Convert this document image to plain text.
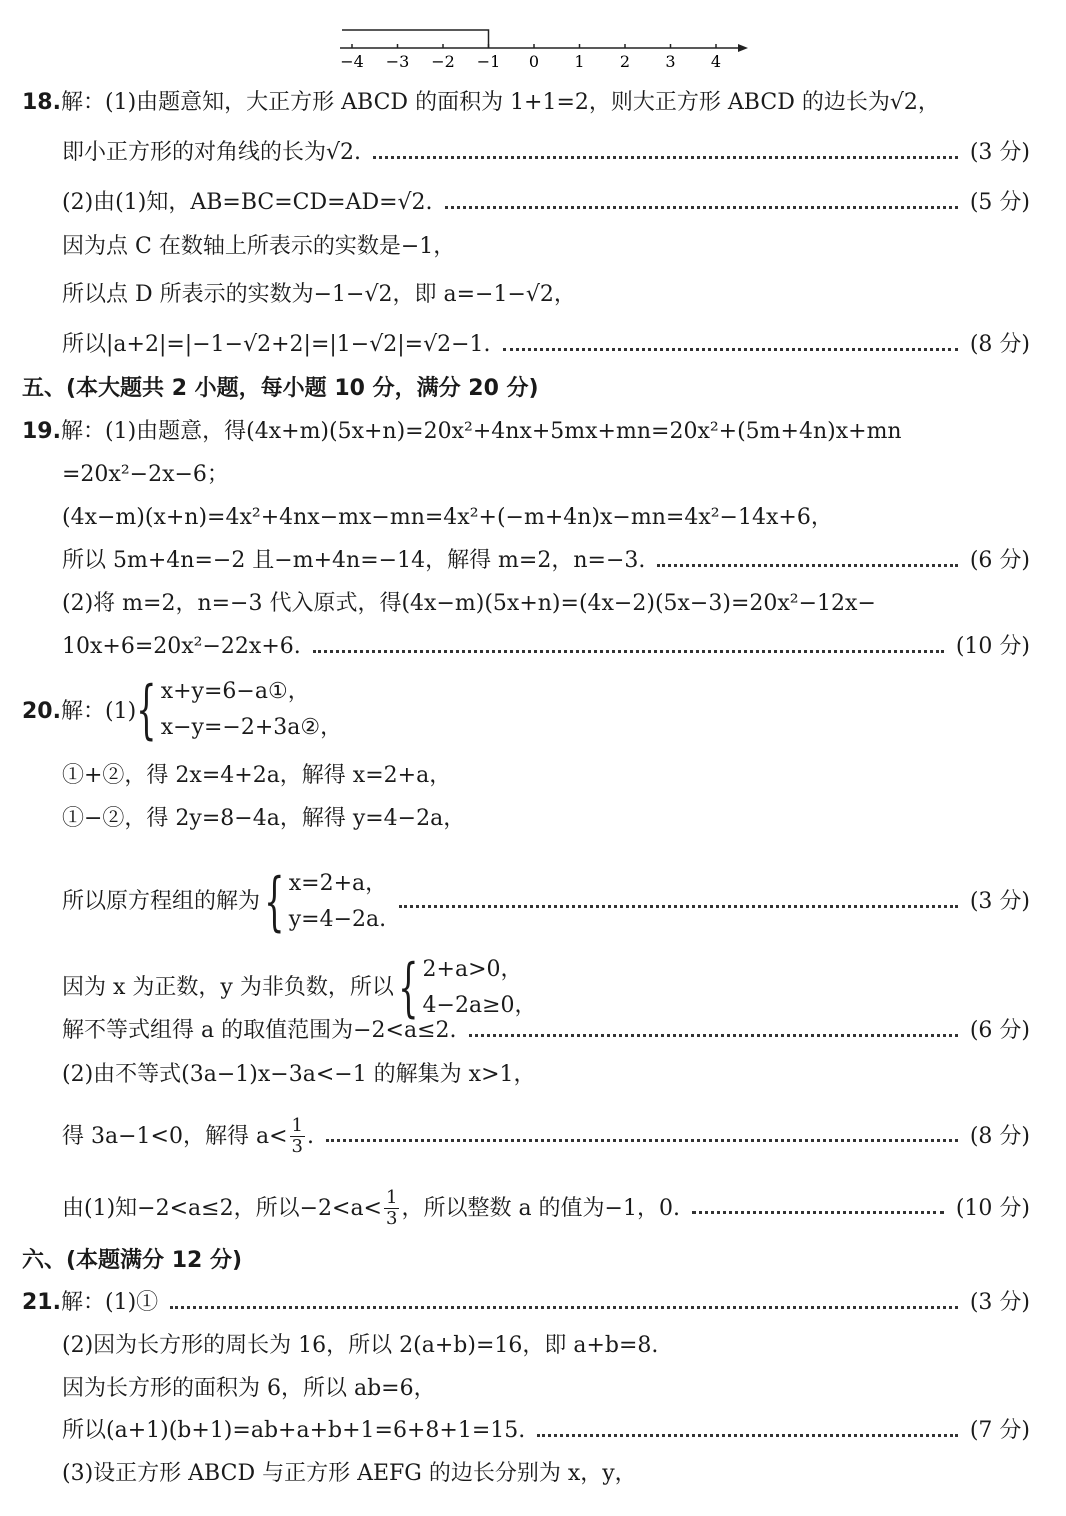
−4 −3 −2 −1 0 1 2 3 4
18.解：(1)由题意知，大正方形 ABCD 的面积为 1+1=2，则大正方形 ABCD 的边长为√2，
即小正方形的对角线的长为√2.	(3 分)
(2)由(1)知，AB=BC=CD=AD=√2.	(5 分)
因为点 C 在数轴上所表示的实数是−1，
所以点 D 所表示的实数为−1−√2，即 a=−1−√2，
所以|a+2|=|−1−√2+2|=|1−√2|=√2−1.	(8 分)
五、(本大题共 2 小题，每小题 10 分，满分 20 分)
19.解：(1)由题意，得(4x+m)(5x+n)=20x²+4nx+5mx+mn=20x²+(5m+4n)x+mn
=20x²−2x−6；
(4x−m)(x+n)=4x²+4nx−mx−mn=4x²+(−m+4n)x−mn=4x²−14x+6，
所以 5m+4n=−2 且−m+4n=−14，解得 m=2，n=−3.	(6 分)
(2)将 m=2，n=−3 代入原式，得(4x−m)(5x+n)=(4x−2)(5x−3)=20x²−12x−
10x+6=20x²−22x+6.	(10 分)
20.解：(1) { x+y=6−a①，
x−y=−2+3a②，
①+②，得 2x=4+2a，解得 x=2+a，
①−②，得 2y=8−4a，解得 y=4−2a，
所以原方程组的解为 { x=2+a，
y=4−2a.
(3 分)
因为 x 为正数，y 为非负数，所以 { 2+a>0，
4−2a≥0，
解不等式组得 a 的取值范围为−2<a≤2.	(6 分)
(2)由不等式(3a−1)x−3a<−1 的解集为 x>1，
得 3a−1<0，解得 $a< \frac{1}{3}$ .	(8 分)
由(1)知−2<a≤2，所以$-2<a< \frac{1}{3}$ ，所以整数 a 的值为−1，0.	(10 分)
六、(本题满分 12 分)
21. 解：(1)①	(3 分)
(2)因为长方形的周长为 16，所以 2(a+b)=16，即 a+b=8.
因为长方形的面积为 6，所以 ab=6，
所以(a+1)(b+1)=ab+a+b+1=6+8+1=15.	(7 分)
(3)设正方形 ABCD 与正方形 AEFG 的边长分别为 x，y，
